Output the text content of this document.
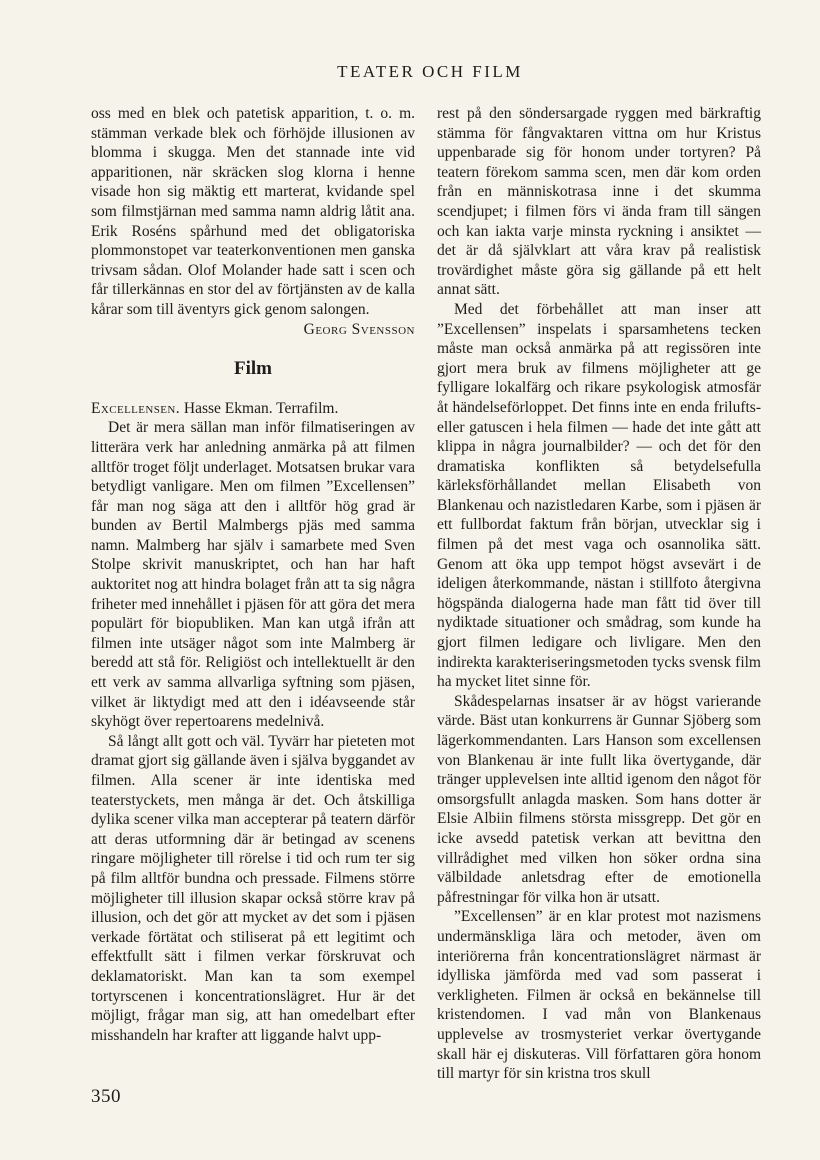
TEATER OCH FILM

oss med en blek och patetisk apparition, t. o. m. stämman verkade blek och förhöjde illusionen av blomma i skugga. Men det stannade inte vid apparitionen, när skräcken slog klorna i henne visade hon sig mäktig ett marterat, kvidande spel som filmstjärnan med samma namn aldrig låtit ana. Erik Roséns spårhund med det obligatoriska plommonstopet var teaterkonventionen men ganska trivsam sådan. Olof Molander hade satt i scen och får tillerkännas en stor del av förtjänsten av de kalla kårar som till äventyrs gick genom salongen.
Georg Svensson

Film

Excellensen. Hasse Ekman. Terrafilm.

Det är mera sällan man inför filmatiseringen av litterära verk har anledning anmärka på att filmen alltför troget följt underlaget. Motsatsen brukar vara betydligt vanligare. Men om filmen ”Excellensen” får man nog säga att den i alltför hög grad är bunden av Bertil Malmbergs pjäs med samma namn. Malmberg har själv i samarbete med Sven Stolpe skrivit manuskriptet, och han har haft auktoritet nog att hindra bolaget från att ta sig några friheter med innehållet i pjäsen för att göra det mera populärt för biopubliken. Man kan utgå ifrån att filmen inte utsäger något som inte Malmberg är beredd att stå för. Religiöst och intellektuellt är den ett verk av samma allvarliga syftning som pjäsen, vilket är liktydigt med att den i idéavseende står skyhögt över repertoarens medelnivå.

Så långt allt gott och väl. Tyvärr har pieteten mot dramat gjort sig gällande även i själva byggandet av filmen. Alla scener är inte identiska med teaterstyckets, men många är det. Och åtskilliga dylika scener vilka man accepterar på teatern därför att deras utformning där är betingad av scenens ringare möjligheter till rörelse i tid och rum ter sig på film alltför bundna och pressade. Filmens större möjligheter till illusion skapar också större krav på illusion, och det gör att mycket av det som i pjäsen verkade förtätat och stiliserat på ett legitimt och effektfullt sätt i filmen verkar förskruvat och deklamatoriskt. Man kan ta som exempel tortyrscenen i koncentrationslägret. Hur är det möjligt, frågar man sig, att han omedelbart efter misshandeln har krafter att liggande halvt upp-

rest på den söndersargade ryggen med bärkraftig stämma för fångvaktaren vittna om hur Kristus uppenbarade sig för honom under tortyren? På teatern förekom samma scen, men där kom orden från en människotrasa inne i det skumma scendjupet; i filmen förs vi ända fram till sängen och kan iakta varje minsta ryckning i ansiktet — det är då självklart att våra krav på realistisk trovärdighet måste göra sig gällande på ett helt annat sätt.

Med det förbehållet att man inser att ”Excellensen” inspelats i sparsamhetens tecken måste man också anmärka på att regissören inte gjort mera bruk av filmens möjligheter att ge fylligare lokalfärg och rikare psykologisk atmosfär åt händelseförloppet. Det finns inte en enda frilufts- eller gatuscen i hela filmen — hade det inte gått att klippa in några journalbilder? — och det för den dramatiska konflikten så betydelsefulla kärleksförhållandet mellan Elisabeth von Blankenau och nazistledaren Karbe, som i pjäsen är ett fullbordat faktum från början, utvecklar sig i filmen på det mest vaga och osannolika sätt. Genom att öka upp tempot högst avsevärt i de ideligen återkommande, nästan i stillfoto återgivna högspända dialogerna hade man fått tid över till nydiktade situationer och smådrag, som kunde ha gjort filmen ledigare och livligare. Men den indirekta karakteriseringsmetoden tycks svensk film ha mycket litet sinne för.

Skådespelarnas insatser är av högst varierande värde. Bäst utan konkurrens är Gunnar Sjöberg som lägerkommendanten. Lars Hanson som excellensen von Blankenau är inte fullt lika övertygande, där tränger upplevelsen inte alltid igenom den något för omsorgsfullt anlagda masken. Som hans dotter är Elsie Albiin filmens största missgrepp. Det gör en icke avsedd patetisk verkan att bevittna den villrådighet med vilken hon söker ordna sina välbildade anletsdrag efter de emotionella påfrestningar för vilka hon är utsatt.

”Excellensen” är en klar protest mot nazismens undermänskliga lära och metoder, även om interiörerna från koncentrationslägret närmast är idylliska jämförda med vad som passerat i verkligheten. Filmen är också en bekännelse till kristendomen. I vad mån von Blankenaus upplevelse av trosmysteriet verkar övertygande skall här ej diskuteras. Vill författaren göra honom till martyr för sin kristna tros skull

350
